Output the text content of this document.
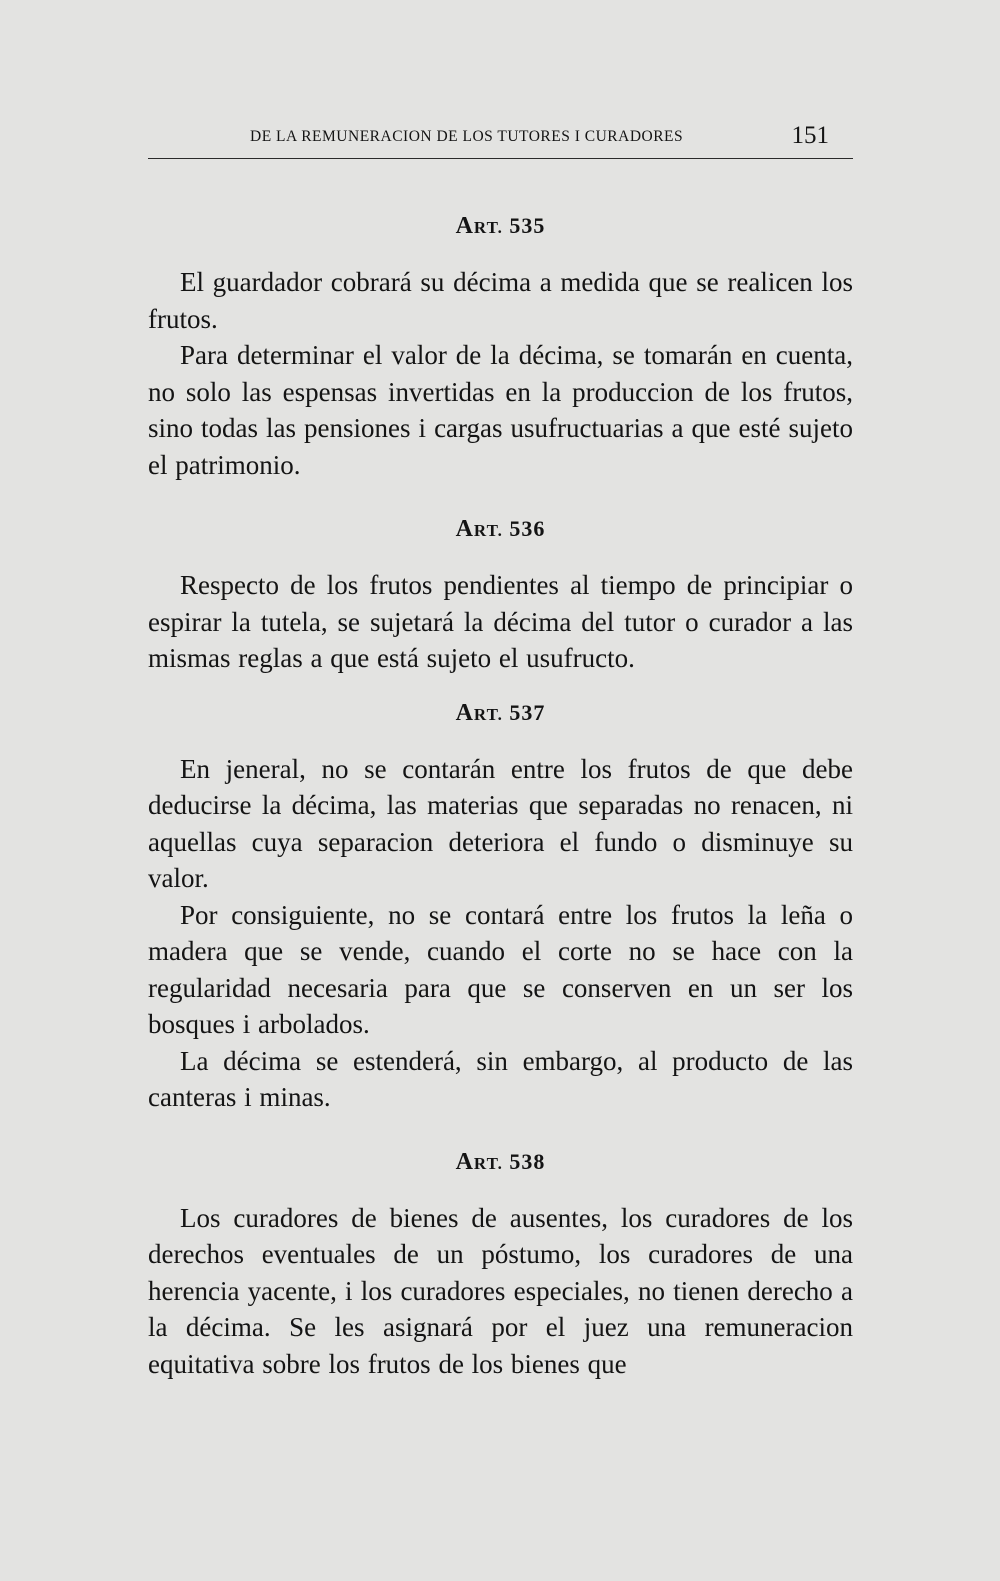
DE LA REMUNERACION DE LOS TUTORES I CURADORES	151
ART. 535

El guardador cobrará su décima a medida que se realicen los frutos.

Para determinar el valor de la décima, se tomarán en cuenta, no solo las espensas invertidas en la produccion de los frutos, sino todas las pensiones i cargas usufructuarias a que esté sujeto el patrimonio.

ART. 536

Respecto de los frutos pendientes al tiempo de principiar o espirar la tutela, se sujetará la décima del tutor o curador a las mismas reglas a que está sujeto el usufructo.

ART. 537

En jeneral, no se contarán entre los frutos de que debe deducirse la décima, las materias que separadas no renacen, ni aquellas cuya separacion deteriora el fundo o disminuye su valor.

Por consiguiente, no se contará entre los frutos la leña o madera que se vende, cuando el corte no se hace con la regularidad necesaria para que se conserven en un ser los bosques i arbolados.

La décima se estenderá, sin embargo, al producto de las canteras i minas.

ART. 538

Los curadores de bienes de ausentes, los curadores de los derechos eventuales de un póstumo, los curadores de una herencia yacente, i los curadores especiales, no tienen derecho a la décima. Se les asignará por el juez una remuneracion equitativa sobre los frutos de los bienes que
